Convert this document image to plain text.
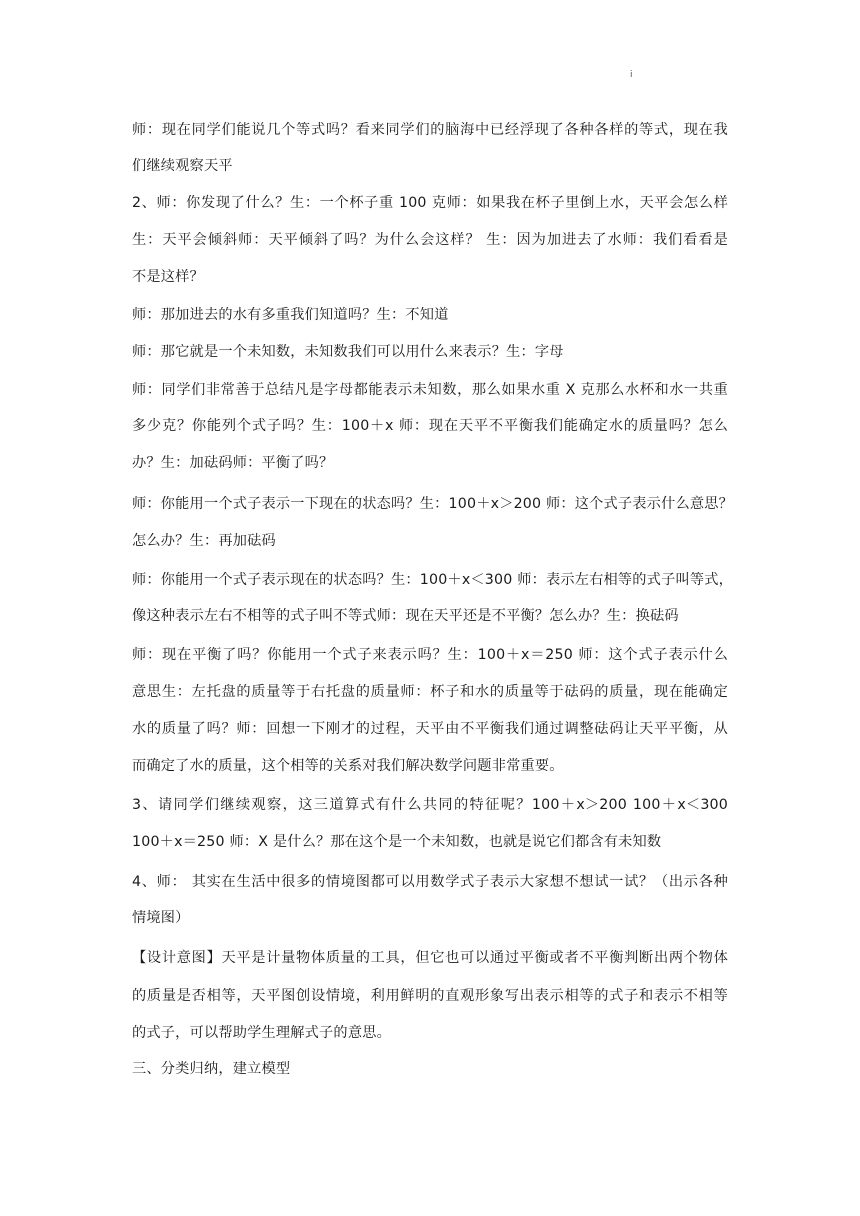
i
师：现在同学们能说几个等式吗？看来同学们的脑海中已经浮现了各种各样的等式，现在我
们继续观察天平
2、师：你发现了什么？生：一个杯子重 100 克师：如果我在杯子里倒上水，天平会怎么样
生：天平会倾斜师：天平倾斜了吗？为什么会这样？ 生：因为加进去了水师：我们看看是
不是这样？
师：那加进去的水有多重我们知道吗？生：不知道
师：那它就是一个未知数，未知数我们可以用什么来表示？生：字母
师：同学们非常善于总结凡是字母都能表示未知数，那么如果水重 X 克那么水杯和水一共重
多少克？你能列个式子吗？生：100＋x 师：现在天平不平衡我们能确定水的质量吗？怎么
办？生：加砝码师：平衡了吗？
师：你能用一个式子表示一下现在的状态吗？生：100＋x＞200 师：这个式子表示什么意思？
怎么办？生：再加砝码
师：你能用一个式子表示现在的状态吗？生：100＋x＜300 师：表示左右相等的式子叫等式，
像这种表示左右不相等的式子叫不等式师：现在天平还是不平衡？怎么办？生：换砝码
师：现在平衡了吗？你能用一个式子来表示吗？生：100＋x＝250 师：这个式子表示什么
意思生：左托盘的质量等于右托盘的质量师：杯子和水的质量等于砝码的质量，现在能确定
水的质量了吗？师：回想一下刚才的过程，天平由不平衡我们通过调整砝码让天平平衡，从
而确定了水的质量，这个相等的关系对我们解决数学问题非常重要。
3、请同学们继续观察，这三道算式有什么共同的特征呢？100＋x＞200 100＋x＜300
100＋x＝250 师：X 是什么？那在这个是一个未知数，也就是说它们都含有未知数
4、师： 其实在生活中很多的情境图都可以用数学式子表示大家想不想试一试？（出示各种
情境图）
【设计意图】天平是计量物体质量的工具，但它也可以通过平衡或者不平衡判断出两个物体
的质量是否相等，天平图创设情境，利用鲜明的直观形象写出表示相等的式子和表示不相等
的式子，可以帮助学生理解式子的意思。
三、分类归纳，建立模型
